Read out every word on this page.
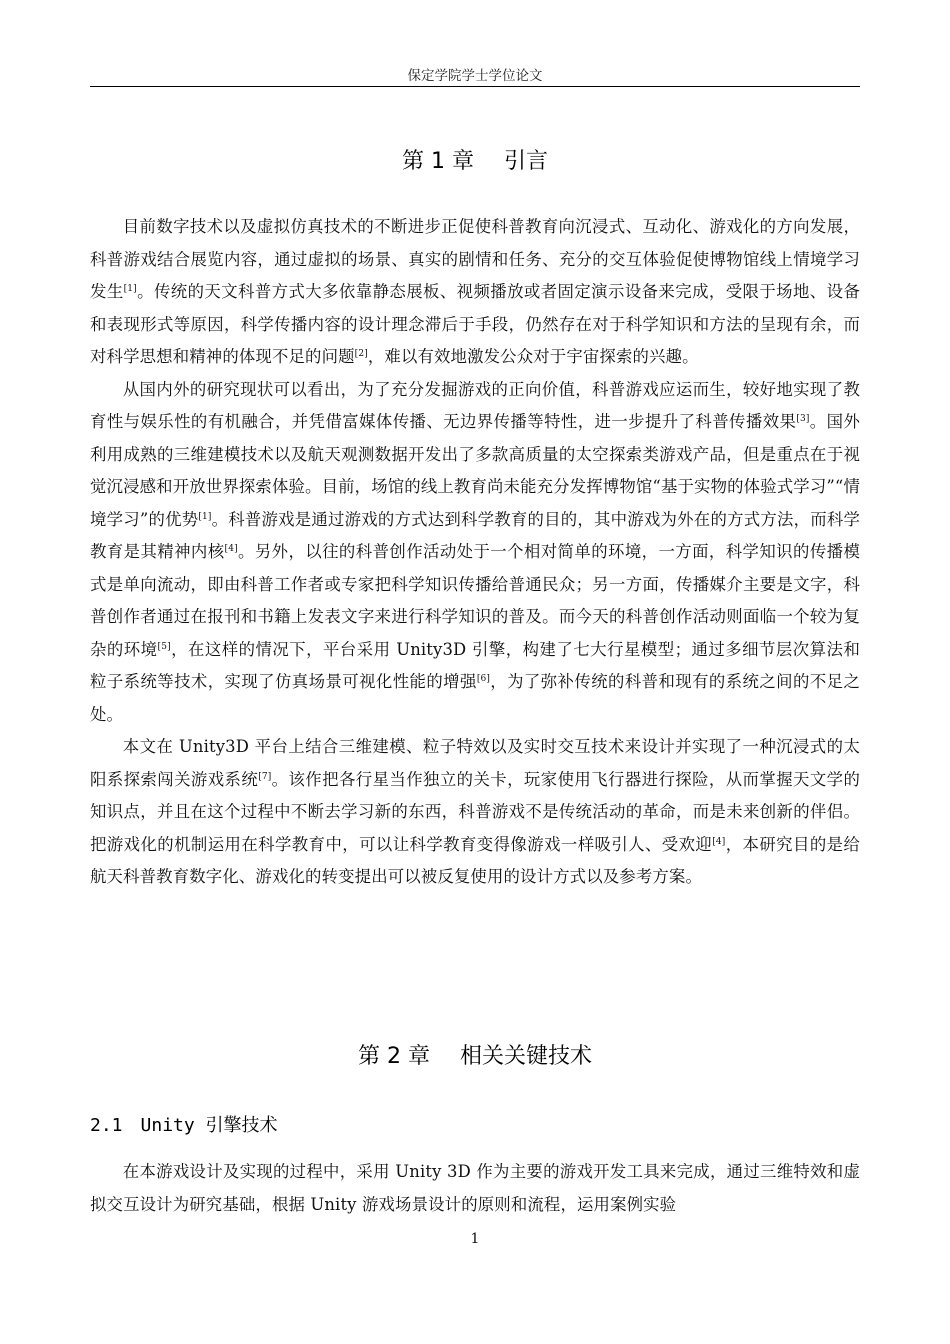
保定学院学士学位论文
第 1 章 引言

目前数字技术以及虚拟仿真技术的不断进步正促使科普教育向沉浸式、互动化、游戏化的方向发展，科普游戏结合展览内容，通过虚拟的场景、真实的剧情和任务、充分的交互体验促使博物馆线上情境学习发生[1]。传统的天文科普方式大多依靠静态展板、视频播放或者固定演示设备来完成，受限于场地、设备和表现形式等原因，科学传播内容的设计理念滞后于手段，仍然存在对于科学知识和方法的呈现有余，而对科学思想和精神的体现不足的问题[2]，难以有效地激发公众对于宇宙探索的兴趣。

从国内外的研究现状可以看出，为了充分发掘游戏的正向价值，科普游戏应运而生，较好地实现了教育性与娱乐性的有机融合，并凭借富媒体传播、无边界传播等特性，进一步提升了科普传播效果[3]。国外利用成熟的三维建模技术以及航天观测数据开发出了多款高质量的太空探索类游戏产品，但是重点在于视觉沉浸感和开放世界探索体验。目前，场馆的线上教育尚未能充分发挥博物馆“基于实物的体验式学习”“情境学习”的优势[1]。科普游戏是通过游戏的方式达到科学教育的目的，其中游戏为外在的方式方法，而科学教育是其精神内核[4]。另外，以往的科普创作活动处于一个相对简单的环境，一方面，科学知识的传播模式是单向流动，即由科普工作者或专家把科学知识传播给普通民众；另一方面，传播媒介主要是文字，科普创作者通过在报刊和书籍上发表文字来进行科学知识的普及。而今天的科普创作活动则面临一个较为复杂的环境[5]，在这样的情况下，平台采用 Unity3D 引擎，构建了七大行星模型；通过多细节层次算法和粒子系统等技术，实现了仿真场景可视化性能的增强[6]，为了弥补传统的科普和现有的系统之间的不足之处。

本文在 Unity3D 平台上结合三维建模、粒子特效以及实时交互技术来设计并实现了一种沉浸式的太阳系探索闯关游戏系统[7]。该作把各行星当作独立的关卡，玩家使用飞行器进行探险，从而掌握天文学的知识点，并且在这个过程中不断去学习新的东西，科普游戏不是传统活动的革命，而是未来创新的伴侣。把游戏化的机制运用在科学教育中，可以让科学教育变得像游戏一样吸引人、受欢迎[4]，本研究目的是给航天科普教育数字化、游戏化的转变提出可以被反复使用的设计方式以及参考方案。

第 2 章 相关关键技术
2.1 Unity 引擎技术

在本游戏设计及实现的过程中，采用 Unity 3D 作为主要的游戏开发工具来完成，通过三维特效和虚拟交互设计为研究基础，根据 Unity 游戏场景设计的原则和流程，运用案例实验

1
